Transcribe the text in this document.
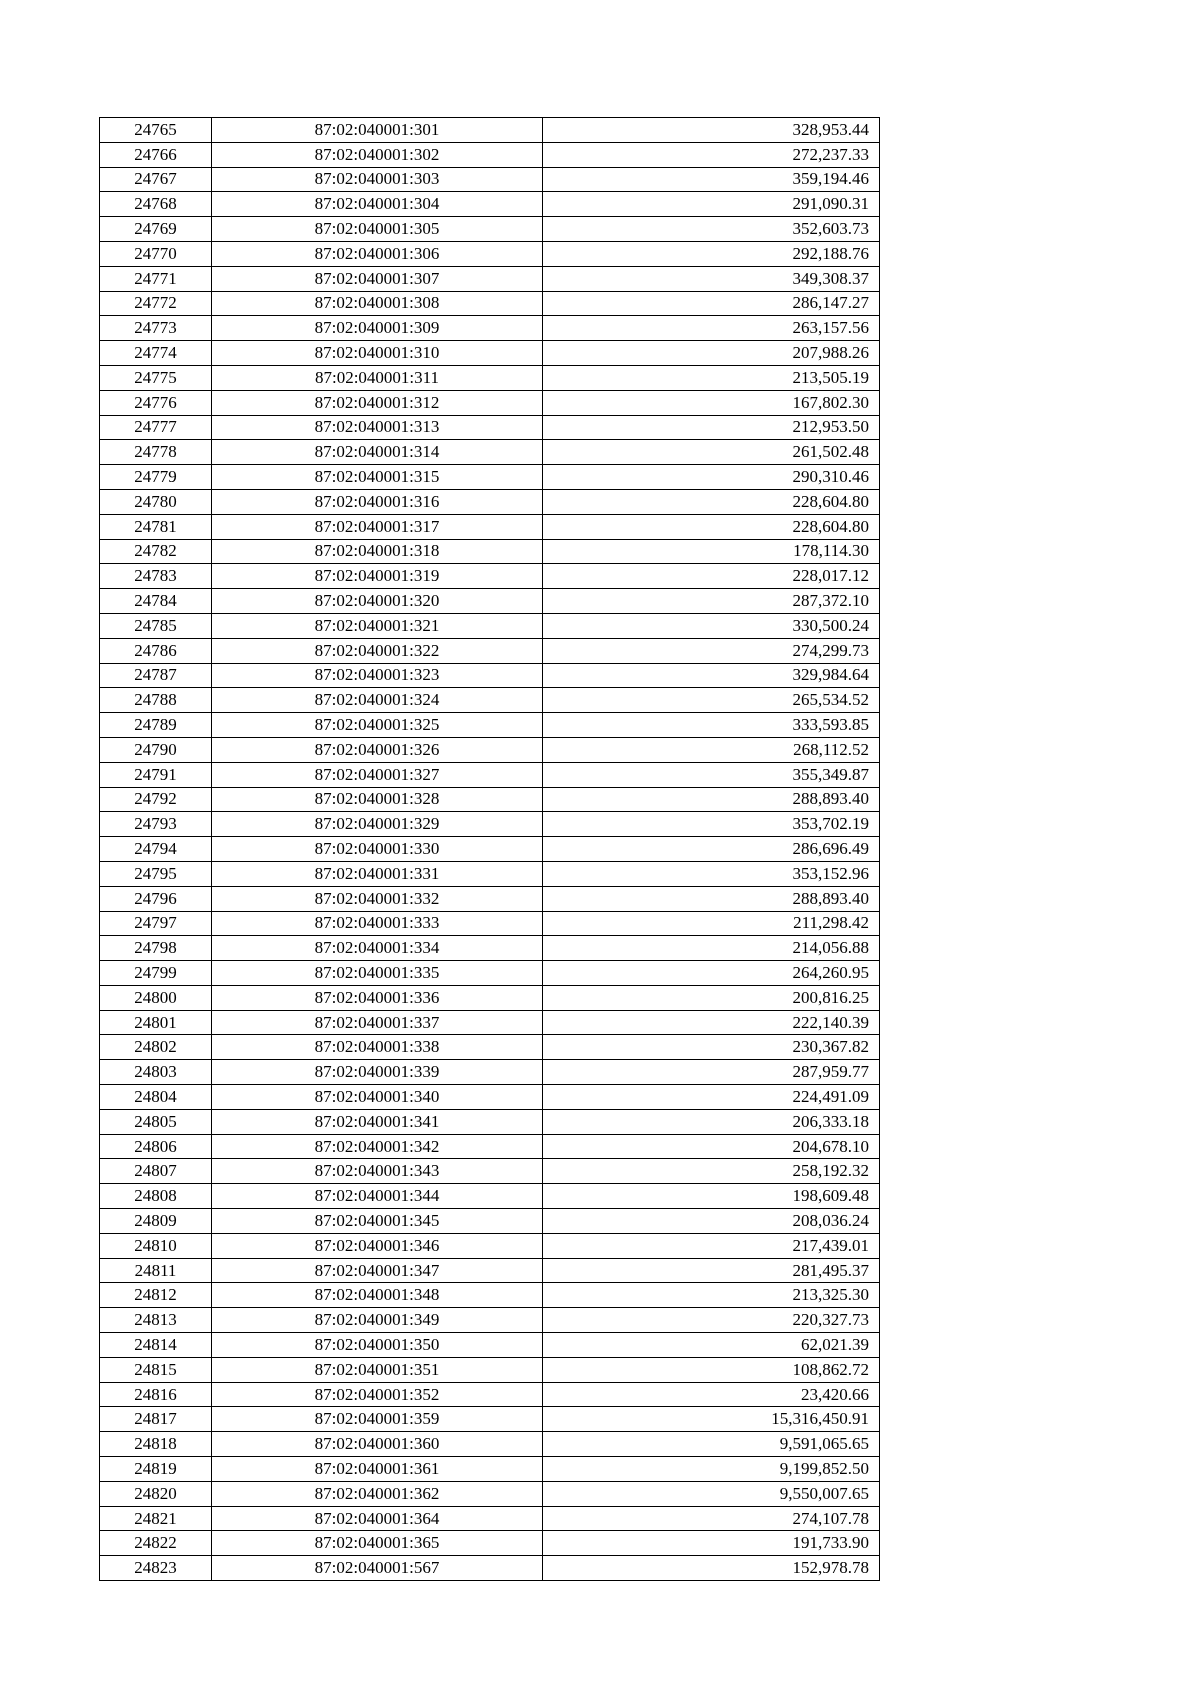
24765	87:02:040001:301	328,953.44
24766	87:02:040001:302	272,237.33
24767	87:02:040001:303	359,194.46
24768	87:02:040001:304	291,090.31
24769	87:02:040001:305	352,603.73
24770	87:02:040001:306	292,188.76
24771	87:02:040001:307	349,308.37
24772	87:02:040001:308	286,147.27
24773	87:02:040001:309	263,157.56
24774	87:02:040001:310	207,988.26
24775	87:02:040001:311	213,505.19
24776	87:02:040001:312	167,802.30
24777	87:02:040001:313	212,953.50
24778	87:02:040001:314	261,502.48
24779	87:02:040001:315	290,310.46
24780	87:02:040001:316	228,604.80
24781	87:02:040001:317	228,604.80
24782	87:02:040001:318	178,114.30
24783	87:02:040001:319	228,017.12
24784	87:02:040001:320	287,372.10
24785	87:02:040001:321	330,500.24
24786	87:02:040001:322	274,299.73
24787	87:02:040001:323	329,984.64
24788	87:02:040001:324	265,534.52
24789	87:02:040001:325	333,593.85
24790	87:02:040001:326	268,112.52
24791	87:02:040001:327	355,349.87
24792	87:02:040001:328	288,893.40
24793	87:02:040001:329	353,702.19
24794	87:02:040001:330	286,696.49
24795	87:02:040001:331	353,152.96
24796	87:02:040001:332	288,893.40
24797	87:02:040001:333	211,298.42
24798	87:02:040001:334	214,056.88
24799	87:02:040001:335	264,260.95
24800	87:02:040001:336	200,816.25
24801	87:02:040001:337	222,140.39
24802	87:02:040001:338	230,367.82
24803	87:02:040001:339	287,959.77
24804	87:02:040001:340	224,491.09
24805	87:02:040001:341	206,333.18
24806	87:02:040001:342	204,678.10
24807	87:02:040001:343	258,192.32
24808	87:02:040001:344	198,609.48
24809	87:02:040001:345	208,036.24
24810	87:02:040001:346	217,439.01
24811	87:02:040001:347	281,495.37
24812	87:02:040001:348	213,325.30
24813	87:02:040001:349	220,327.73
24814	87:02:040001:350	62,021.39
24815	87:02:040001:351	108,862.72
24816	87:02:040001:352	23,420.66
24817	87:02:040001:359	15,316,450.91
24818	87:02:040001:360	9,591,065.65
24819	87:02:040001:361	9,199,852.50
24820	87:02:040001:362	9,550,007.65
24821	87:02:040001:364	274,107.78
24822	87:02:040001:365	191,733.90
24823	87:02:040001:567	152,978.78
